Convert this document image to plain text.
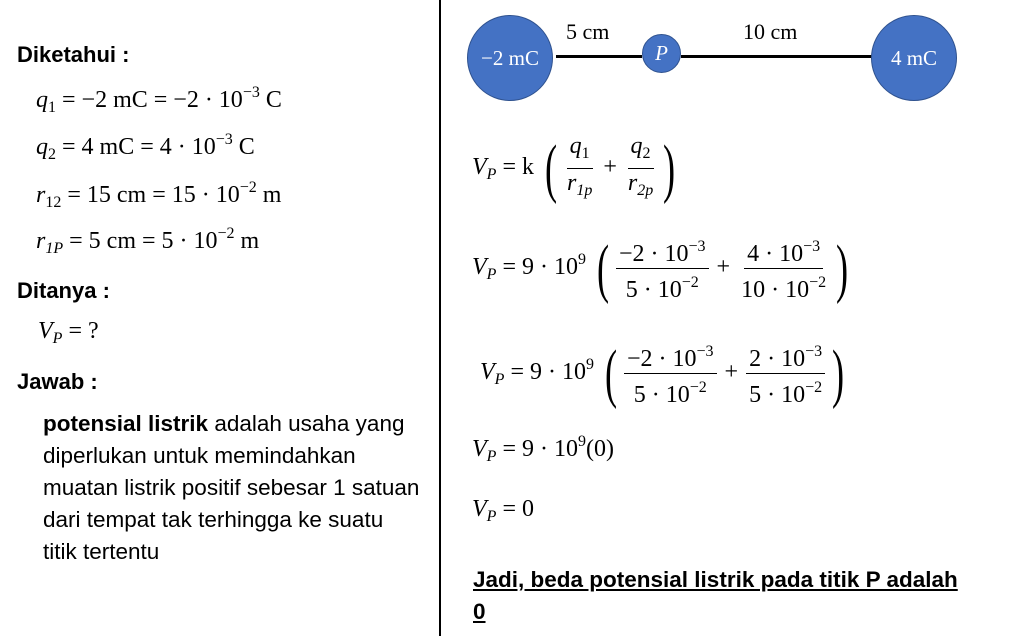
Diketahui :
$q_1 = -2$ mC = $-2 \cdot 10^{-3}$ C
$q_2 = 4$ mC = $4 \cdot 10^{-3}$ C
$r_{12} = 15$ cm = $15 \cdot 10^{-2}$ m
$r_{1P} = 5$ cm = $5 \cdot 10^{-2}$ m
Ditanya :
$V_P$ = ?
Jawab :
potensial listrik adalah usaha yang diperlukan untuk memindahkan muatan listrik positif sebesar 1 satuan dari tempat tak terhingga ke suatu titik tertentu
5 cm	10 cm
−2 mC	P	4 mC
$V_P = k$ ( $\frac{q_1}{r_{1p}} + \frac{q_2}{r_{2p}}$ )
$V_P = 9 \cdot 10^9$ ( $\frac{-2 \cdot 10^{-3}}{5 \cdot 10^{-2}} + \frac{4 \cdot 10^{-3}}{10 \cdot 10^{-2}}$ )
$V_P = 9 \cdot 10^9$ ( $\frac{-2 \cdot 10^{-3}}{5 \cdot 10^{-2}} + \frac{2 \cdot 10^{-3}}{5 \cdot 10^{-2}}$ )
$V_P = 9 \cdot 10^9(0)$
$V_P = 0$
Jadi, beda potensial listrik pada titik P adalah 0
